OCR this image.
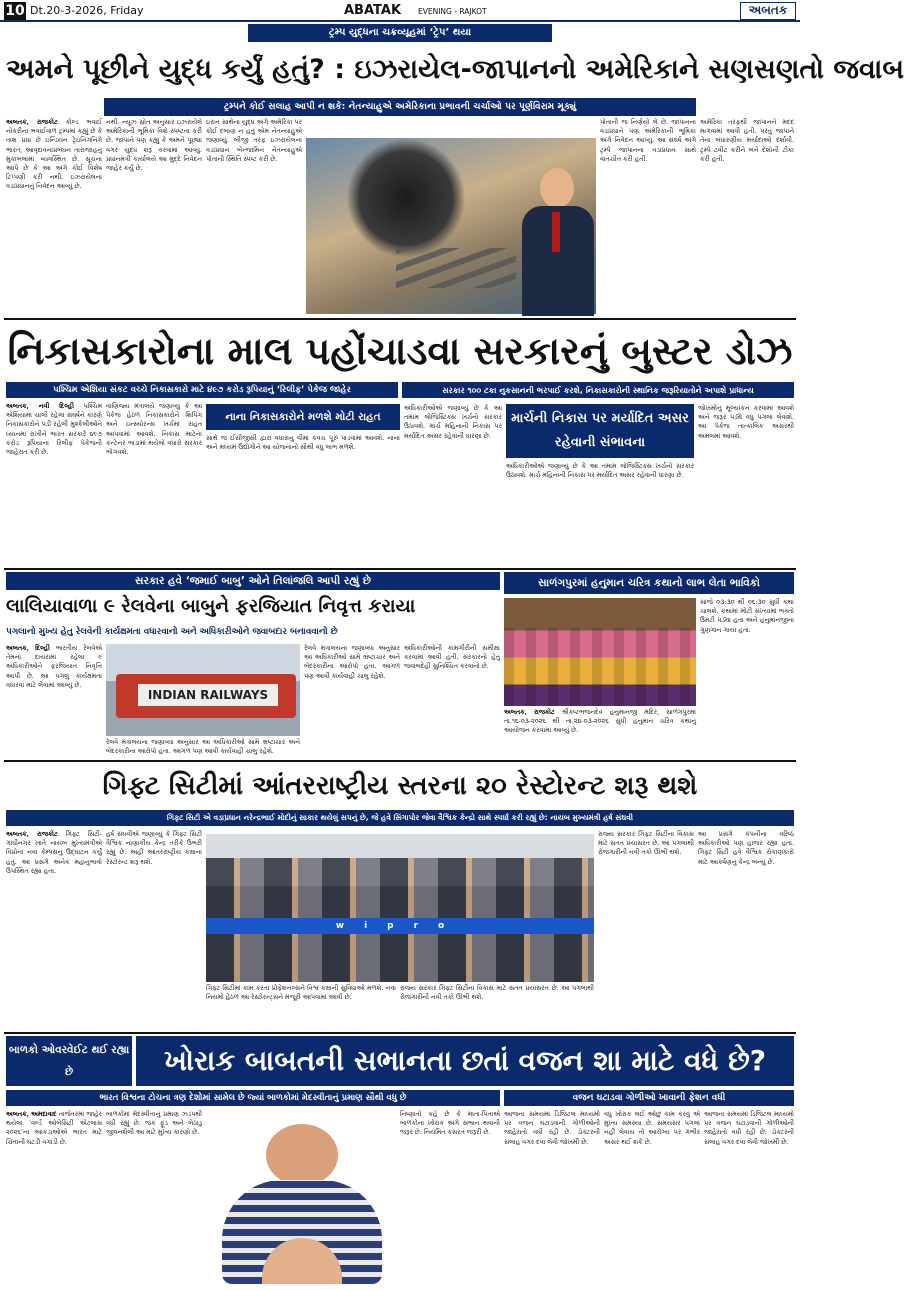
10 Dt.20-3-2026, Friday	ABATAK EVENING - RAJKOT	અબતક
ટ્રમ્પ યુદ્ધના ચક્રવ્યૂહમાં ‘ટ્રેપ’ થયા
અમને પૂછીને યુદ્ધ કર્યું હતું? : ઇઝરાયેલ-જાપાનનો અમેરિકાને સણસણતો જવાબ
ટ્રમ્પને કોઈ સલાહ આપી ન શકે: નેતન્યાહુએ અમેરિકાના પ્રભાવની ચર્ચાઓ પર પૂર્ણવિરામ મૂક્યું
અબતક, રાજકોટ કોલ્ડ ભવાઈ નોકરીના ભવાઈવાળ ટ્રમ્પમાં કહ્યું છે કે તાશ પ્રધા છે ઇન્ડિયન ટ્રેઇનિંગનિંગે ભારત, આવૃદાવનાપ્રબંધન તારાજાહનું મુકાબલામાં વ્યવસ્થિત છે. સૂચના આપે છે કે આ અંગે કોઈ વિશેષ ટિપ્પણી કરી નથી. ઇઝરાયેલના વડાપ્રધાનનું નિવેદન આવ્યું છે.
નથી. ન્યૂઝ સ્રોત અનુસાર ઇઝરાયેલે અમેરિકાની ભૂમિકા વિશે સ્પષ્ટતા કરી છે. જાપાને પણ કહ્યું કે અમને પૂછ્યા વગર યુદ્ધ શરૂ કરવામાં આવ્યું. પ્રધાનમંત્રી કાર્યાલયે આ મુદ્દે નિવેદન જાહેર કર્યું છે.
ઇરાન સાથેના યુદ્ધ અંગે અમેરિકા પર કોઈ દબાણ ન હતું એમ નેતન્યાહુએ જણાવ્યું. બીજી તરફ ઇઝરાયેલના વડાપ્રધાન બેન્જામિન નેતન્યાહુએ પોતાની સ્થિતિ સ્પષ્ટ કરી છે.
પોતાની જ નિર્ણયો લે છે. જાપાનના વડાપ્રધાને પણ અમેરિકાની ભૂમિકા અંગે નિવેદન આપ્યું. આ સંઘર્ષ અંગે ટ્રમ્પે જાપાનના વડાપ્રધાન સાથે વાતચીત કરી હતી.
અમેરિકા તરફથી જાપાનને મદદ માગવામાં આવી હતી. પરંતુ જાપાને તેના બંધારણીય મર્યાદાઓ દર્શાવી. ટ્રમ્પે ટ્વીટ કરીને બંને દેશોની ટીકા કરી હતી.
નિકાસકારોના માલ પહોંચાડવા સરકારનું બુસ્ટર ડોઝ
પશ્ચિમ એશિયા સંકટ વચ્ચે નિકાસકારો માટે ૪૯૭ કરોડ રૂપિયાનું ‘રિલીફ’ પેકેજ જાહેર	સરકાર ૧૦૦ ટકા નુકસાનની ભરપાઈ કરશે, નિકાસકારોની સ્થાનિક જરૂરિયાતોને અપાશે પ્રાધાન્ય
અબતક, નવી દિલ્હી પશ્ચિમ એશિયામાં ચાલી રહેલા સંઘર્ષને કારણે નિકાસકારોને પડી રહેલી મુશ્કેલીઓને ધ્યાનમાં રાખીને ભારત સરકારે ૪૯૭ કરોડ રૂપિયાના રિલીફ પેકેજની જાહેરાત કરી છે.
વાણિજ્ય મંત્રાલયે જણાવ્યું કે આ પેકેજ હેઠળ નિકાસકારોને શિપિંગ અને ઇન્સ્યોરન્સ ખર્ચમાં રાહત આપવામાં આવશે. નિકાસ માટેના કન્ટેનર ભાડામાં થયેલો વધારો સરકાર ભોગવશે.
નાના નિકાસકારોને મળશે મોટી રાહત
સાથે જ ઈસીજીસી દ્વારા વધારાનું વીમા કવચ પૂરું પાડવામાં આવશે. નાના અને મધ્યમ ઉદ્યોગોને આ યોજનાનો સૌથી વધુ લાભ મળશે.
માર્ચની નિકાસ પર મર્યાદિત અસર રહેવાની સંભાવના
અધિકારીઓએ જણાવ્યું છે કે આ તમામ લોજિસ્ટિક્સ ખર્ચનો સરકાર ઉઠાવશે. માર્ચ મહિનાની નિકાસ પર મર્યાદિત અસર રહેવાની ધારણા છે.
અધિકારીઓએ જણાવ્યું છે કે આ તમામ લોજિસ્ટિક્સ ખર્ચનો સરકાર ઉઠાવશે. માર્ચ મહિનાની નિકાસ પર મર્યાદિત અસર રહેવાની ધારણા છે.
જોખમોનું મૂલ્યાંકન કરવામાં આવશે અને જરૂર પડ્યે વધુ પગલાં લેવાશે. આ પેકેજ તાત્કાલિક અસરથી અમલમાં આવશે.
સરકાર હવે ‘જમાઈ બાબુ’ ઓને તિલાંજલિ આપી રહ્યું છે
લાલિયાવાળા ૯ રેલવેના બાબુને ફરજિયાત નિવૃત્ત કરાયા
પગલાનો મુખ્ય હેતુ રેલવેની કાર્યક્ષમતા વધારવાનો અને અધિકારીઓને જવાબદાર બનાવવાનો છે
અબતક, દિલ્હી ભારતીય રેલવેએ તેમના દાયરામાં રહેલા ૯ અધિકારીઓને ફરજિયાત નિવૃત્તિ આપી છે. આ પગલું કાર્યક્ષમતા વધારવા માટે લેવામાં આવ્યું છે.
INDIAN RAILWAYS
રેલવે મંત્રાલયના જણાવ્યા અનુસાર આ અધિકારીઓ સામે ભ્રષ્ટાચાર અને બેદરકારીના આરોપો હતા. આગળ પણ આવી કાર્યવાહી ચાલુ રહેશે.
રેલવે મંત્રાલયના જણાવ્યા અનુસાર આ અધિકારીઓ સામે ભ્રષ્ટાચાર અને બેદરકારીના આરોપો હતા. આગળ પણ આવી કાર્યવાહી ચાલુ રહેશે.
અધિકારીઓની કામગીરીની સમીક્ષા કરવામાં આવી હતી. સરકારનો હેતુ જવાબદેહી સુનિશ્ચિત કરવાનો છે.
સાળંગપુરમાં હનુમાન ચરિત્ર કથાનો લાભ લેતા ભાવિકો
અબતક, રાજકોટ શ્રીકષ્ટભંજનદેવ હનુમાનજી મંદિર, સાળંગપુરમાં તા.૧૬-૦૩-૨૦૨૬ થી તા.૨૪-૦૩-૨૦૨૬ સુધી હનુમાન ચરિત્ર કથાનું આયોજન કરવામાં આવ્યું છે.
સાંજે ૦૩:૩૦ થી ૦૬:૩૦ સુધી કથા ચાલશે. કથામાં મોટી સંખ્યામાં ભક્તો ઉમટી પડ્યા હતા અને હનુમાનજીના ગુણગાન ગાયા હતા.
ગિફ્ટ સિટીમાં આંતરરાષ્ટ્રીય સ્તરના ૨૦ રેસ્ટોરન્ટ શરૂ થશે
ગિફ્ટ સિટી એ વડાપ્રધાન નરેન્દ્રભાઈ મોદીનું સાકાર થયેલું સપનું છે, જે હવે સિંગાપોર જેવા વૈશ્વિક કેન્દ્રો સાથે સ્પર્ધા કરી રહ્યું છે: નાયબ મુખ્યમંત્રી હર્ષ સંઘવી
અબતક, રાજકોટ ગિફ્ટ સિટી-ગાંધીનગર ખાતે નાયબ મુખ્યમંત્રીએ વિપ્રોના નવા કેમ્પસનું ઉદ્ઘાટન કર્યું હતું. આ પ્રસંગે અનેક મહાનુભાવો ઉપસ્થિત રહ્યા હતા.
હર્ષ સંઘવીએ જણાવ્યું કે ગિફ્ટ સિટી વૈશ્વિક નાણાકીય કેન્દ્ર તરીકે ઉભરી રહ્યું છે. અહીં આંતરરાષ્ટ્રીય કક્ષાના રેસ્ટોરન્ટ શરૂ થશે.
wipro
ગિફ્ટ સિટીમાં કામ કરતા પ્રોફેશનલ્સને વિશ્વ કક્ષાની સુવિધાઓ મળશે. નવા નિયમો હેઠળ આ રેસ્ટોરન્ટ્સને મંજૂરી આપવામાં આવી છે.
રાજ્ય સરકાર ગિફ્ટ સિટીના વિકાસ માટે સતત પ્રયાસરત છે. આ પગલાથી રોજગારીની નવી તકો ઊભી થશે.
રાજ્ય સરકાર ગિફ્ટ સિટીના વિકાસ માટે સતત પ્રયાસરત છે. આ પગલાથી રોજગારીની નવી તકો ઊભી થશે.
આ પ્રસંગે કંપનીના વરિષ્ઠ અધિકારીઓ પણ હાજર રહ્યા હતા. ગિફ્ટ સિટી હવે વૈશ્વિક રોકાણકારો માટે આકર્ષણનું કેન્દ્ર બન્યું છે.
બાળકો ઓવરવેઈટ થઈ રહ્યા છે	ખોરાક બાબતની સભાનતા છતાં વજન શા માટે વધે છે?
ભારત વિશ્વના ટોચના ત્રણ દેશોમાં સામેલ છે જ્યાં બાળકોમાં મેદસ્વીતાનું પ્રમાણ સૌથી વધુ છે	વજન ઘટાડવા ગોળીઓ ખાવાની ફેશન વધી
અબતક, અમદાવાદ તાજેતરમાં જાહેર થયેલા ‘વર્લ્ડ ઓબેસિટી એટલાસ ૨૦૨૬’ના આંકડાઓએ ભારત માટે ચિંતાની ઘંટડી વગાડી છે.
બાળકોમાં મેદસ્વીતાનું પ્રમાણ ઝડપથી વધી રહ્યું છે. જંક ફૂડ અને બેઠાડુ જીવનશૈલી આ માટે મુખ્ય કારણો છે.
નિષ્ણાતો કહે છે કે માતા-પિતાએ બાળકોના ખોરાક અંગે સભાન થવાની જરૂર છે. નિયમિત કસરત જરૂરી છે.
આજના સમયમાં ડિજિટલ માધ્યમો પર વજન ઘટાડવાની ગોળીઓની જાહેરાતો વધી રહી છે. ડોક્ટરની સલાહ વગર દવા લેવી જોખમી છે.
વધુ ખોરાક લઈ ઓછું કામ કરવું એ મુખ્ય સમસ્યા છે. સમયસર પગલાં નહીં લેવાય તો આરોગ્ય પર ગંભીર અસર થઈ શકે છે.
આજના સમયમાં ડિજિટલ માધ્યમો પર વજન ઘટાડવાની ગોળીઓની જાહેરાતો વધી રહી છે. ડોક્ટરની સલાહ વગર દવા લેવી જોખમી છે.
